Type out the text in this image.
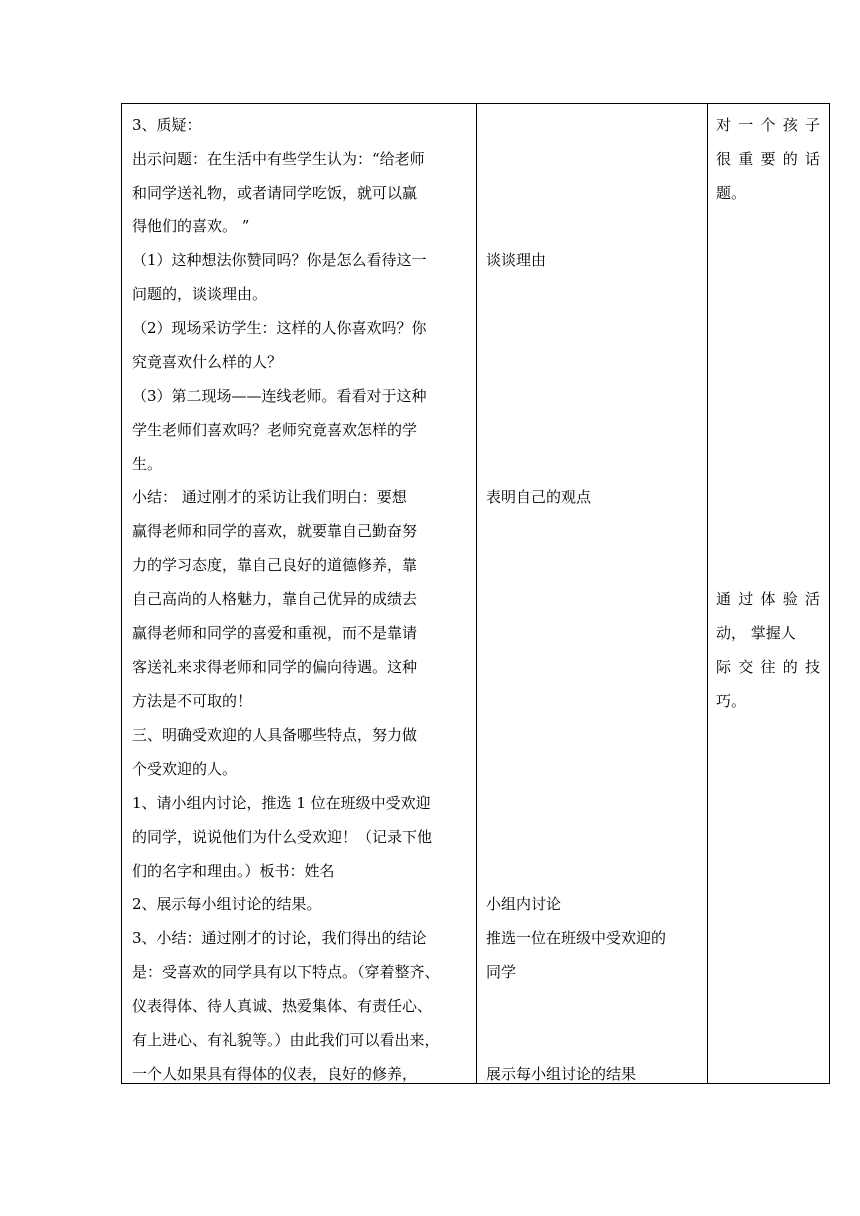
3、质疑：
出示问题：在生活中有些学生认为：“给老师
和同学送礼物，或者请同学吃饭，就可以赢
得他们的喜欢。 ”
（1）这种想法你赞同吗？你是怎么看待这一
问题的，谈谈理由。
（2）现场采访学生：这样的人你喜欢吗？你
究竟喜欢什么样的人？
（3）第二现场——连线老师。看看对于这种
学生老师们喜欢吗？老师究竟喜欢怎样的学
生。
小结： 通过刚才的采访让我们明白：要想
赢得老师和同学的喜欢，就要靠自己勤奋努
力的学习态度，靠自己良好的道德修养，靠
自己高尚的人格魅力，靠自己优异的成绩去
赢得老师和同学的喜爱和重视，而不是靠请
客送礼来求得老师和同学的偏向待遇。这种
方法是不可取的！
三、明确受欢迎的人具备哪些特点，努力做
个受欢迎的人。
1、请小组内讨论，推选 1 位在班级中受欢迎
的同学，说说他们为什么受欢迎！（记录下他
们的名字和理由。）板书：姓名
2、展示每小组讨论的结果。
3、小结：通过刚才的讨论，我们得出的结论
是：受喜欢的同学具有以下特点。（穿着整齐、
仪表得体、待人真诚、热爱集体、有责任心、
有上进心、有礼貌等。）由此我们可以看出来，
一个人如果具有得体的仪表，良好的修养，

谈谈理由
表明自己的观点
小组内讨论
推选一位在班级中受欢迎的
同学
展示每小组讨论的结果

对 一 个 孩 子
很 重 要 的 话
题。
通 过 体 验 活
动， 掌握人
际 交 往 的 技
巧。
